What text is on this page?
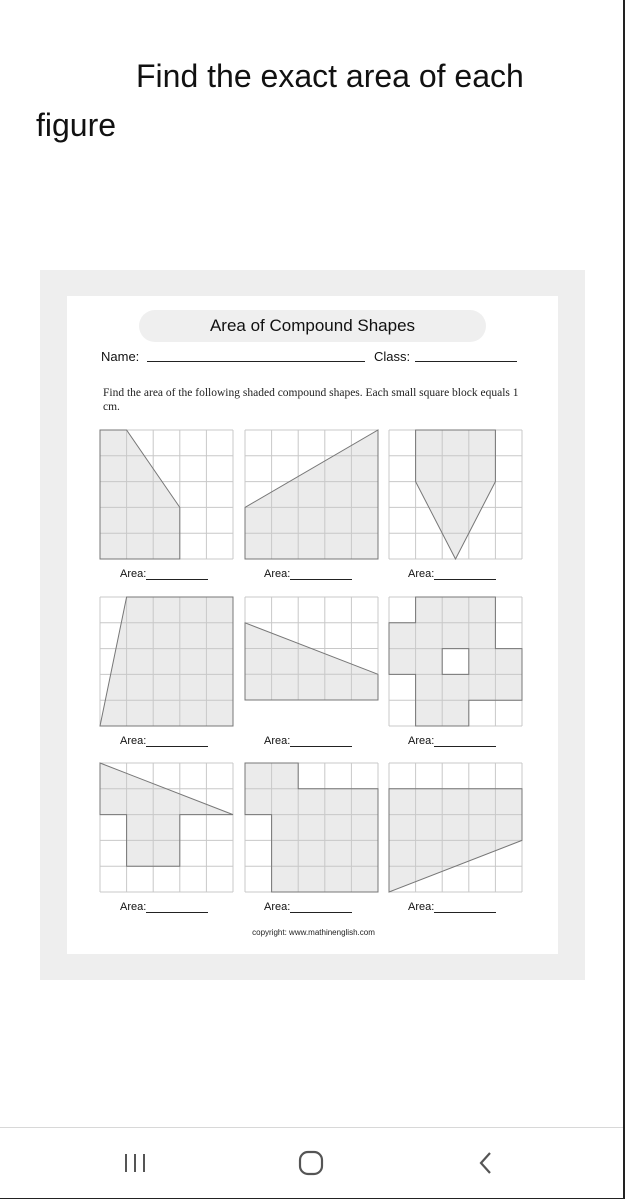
Find the exact area of each figure
Area of Compound Shapes
Name:	Class:
Find the area of the following shaded compound shapes. Each small square block equals 1 cm.
Area:	Area:	Area:
Area:	Area:	Area:
Area:	Area:	Area:
copyright: www.mathinenglish.com
